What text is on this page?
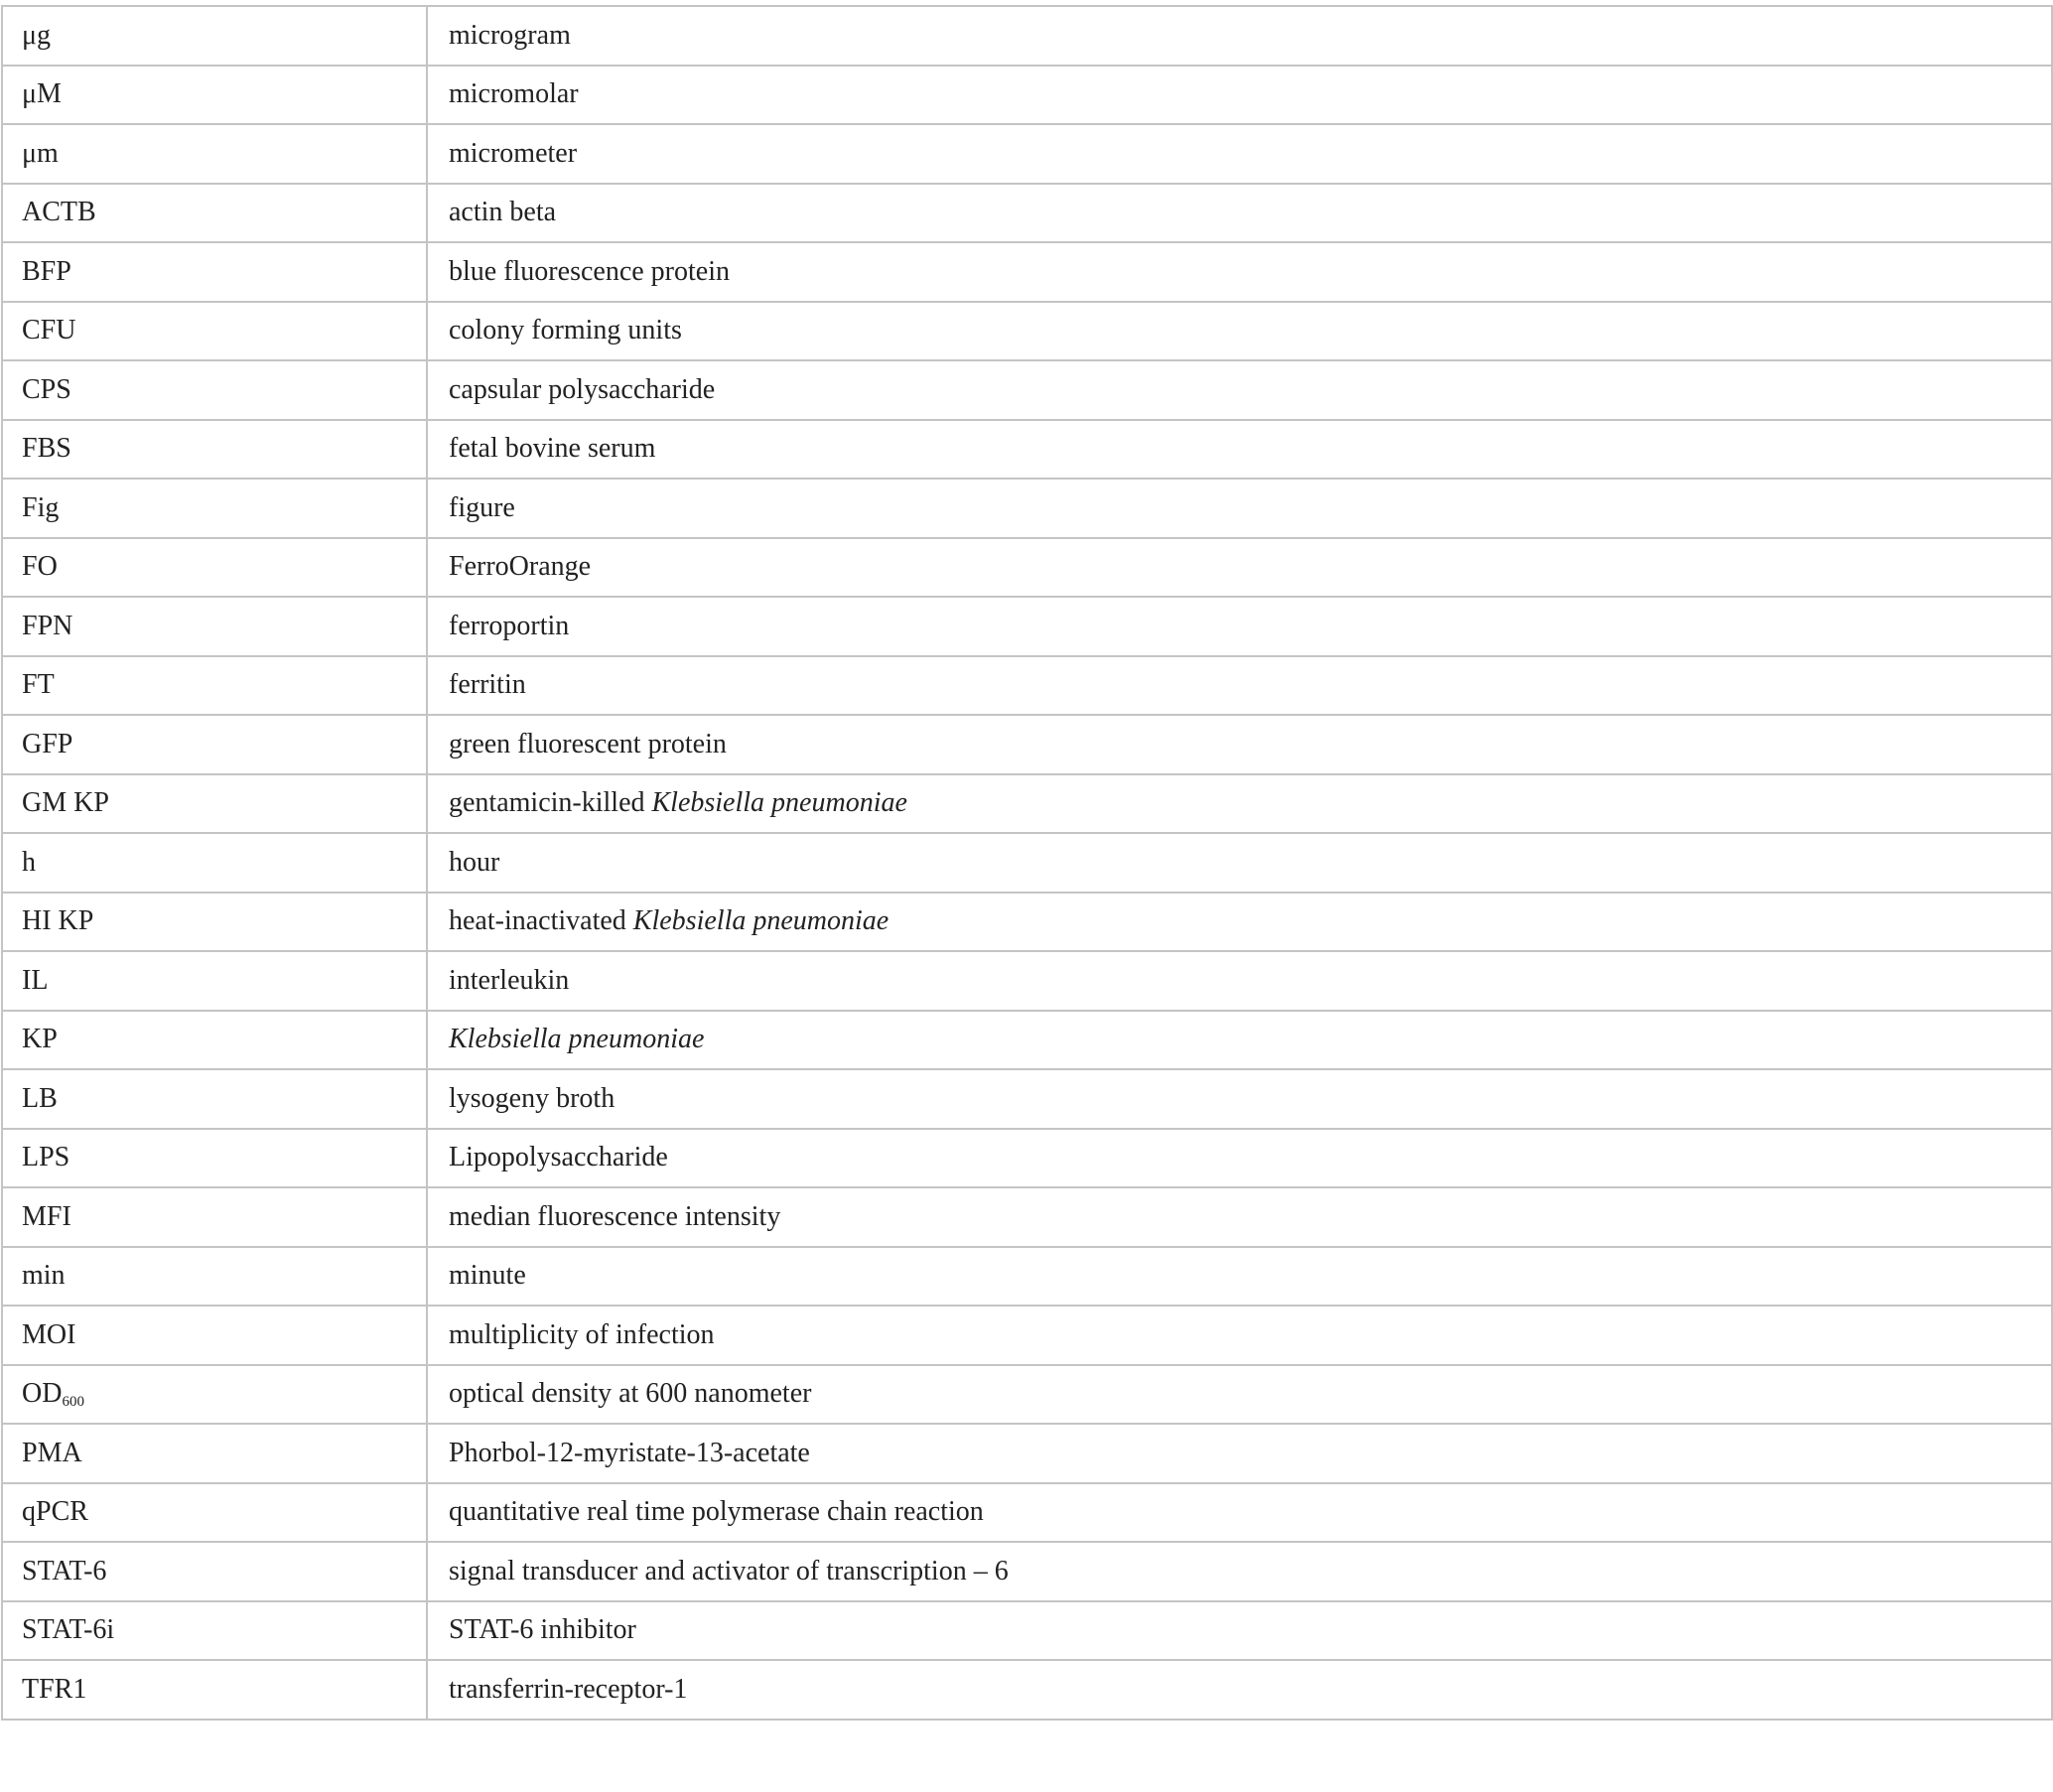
μg	microgram
μM	micromolar
μm	micrometer
ACTB	actin beta
BFP	blue fluorescence protein
CFU	colony forming units
CPS	capsular polysaccharide
FBS	fetal bovine serum
Fig	figure
FO	FerroOrange
FPN	ferroportin
FT	ferritin
GFP	green fluorescent protein
GM KP	gentamicin-killed Klebsiella pneumoniae
h	hour
HI KP	heat-inactivated Klebsiella pneumoniae
IL	interleukin
KP	Klebsiella pneumoniae
LB	lysogeny broth
LPS	Lipopolysaccharide
MFI	median fluorescence intensity
min	minute
MOI	multiplicity of infection
$OD_{600}$	optical density at 600 nanometer
PMA	Phorbol-12-myristate-13-acetate
qPCR	quantitative real time polymerase chain reaction
STAT-6	signal transducer and activator of transcription – 6
STAT-6i	STAT-6 inhibitor
TFR1	transferrin-receptor-1
